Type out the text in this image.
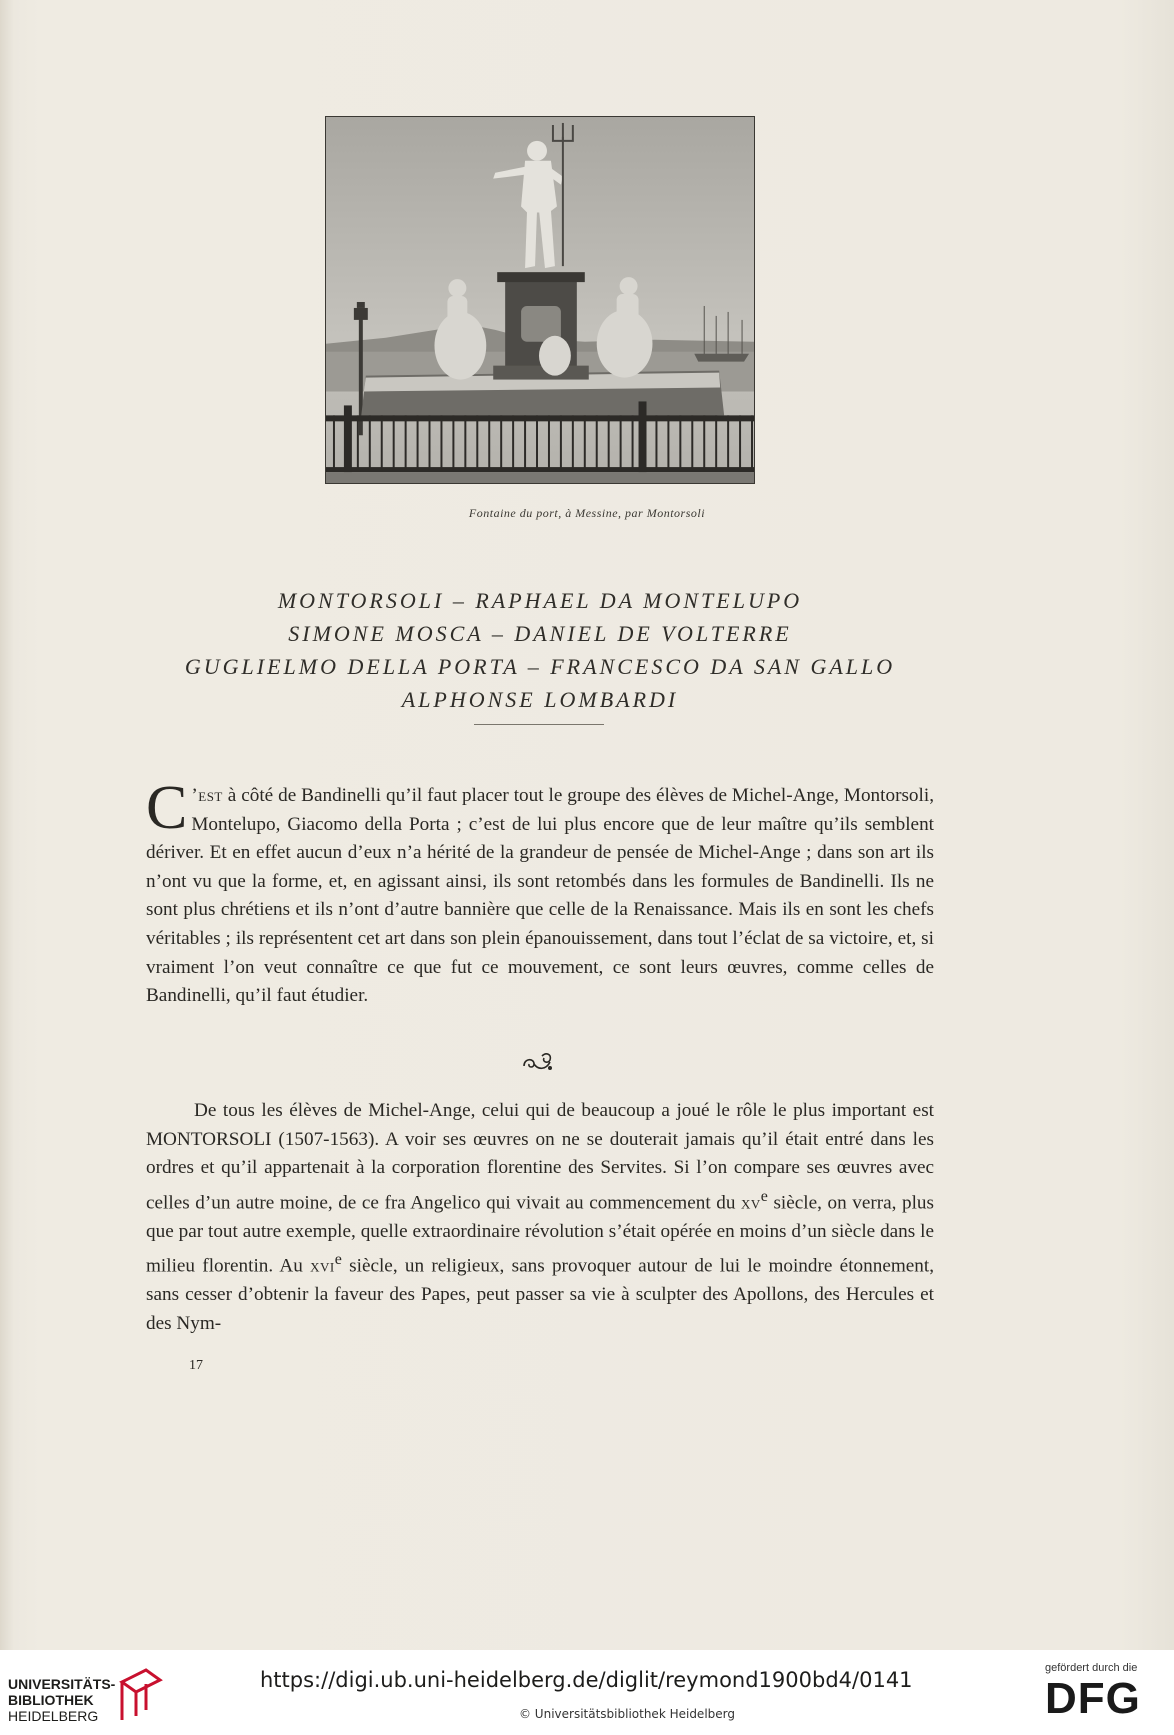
Fontaine du port, à Messine, par Montorsoli
MONTORSOLI – RAPHAEL DA MONTELUPO
SIMONE MOSCA – DANIEL DE VOLTERRE
GUGLIELMO DELLA PORTA – FRANCESCO DA SAN GALLO
ALPHONSE LOMBARDI

C ’est à côté de Bandinelli qu’il faut placer tout le groupe des élèves de Michel-Ange, Montorsoli, Montelupo, Giacomo della Porta ; c’est de lui plus encore que de leur maître qu’ils semblent dériver. Et en effet aucun d’eux n’a hérité de la grandeur de pensée de Michel-Ange ; dans son art ils n’ont vu que la forme, et, en agissant ainsi, ils sont retombés dans les formules de Bandinelli. Ils ne sont plus chrétiens et ils n’ont d’autre bannière que celle de la Renaissance. Mais ils en sont les chefs véritables ; ils représentent cet art dans son plein épanouissement, dans tout l’éclat de sa victoire, et, si vraiment l’on veut connaître ce que fut ce mouvement, ce sont leurs œuvres, comme celles de Bandinelli, qu’il faut étudier.

De tous les élèves de Michel-Ange, celui qui de beaucoup a joué le rôle le plus important est MONTORSOLI (1507-1563). A voir ses œuvres on ne se douterait jamais qu’il était entré dans les ordres et qu’il appartenait à la corporation florentine des Servites. Si l’on compare ses œuvres avec celles d’un autre moine, de ce fra Angelico qui vivait au commencement du $xv^e$ siècle, on verra, plus que par tout autre exemple, quelle extraordinaire révolution s’était opérée en moins d’un siècle dans le milieu florentin. Au xvi$^e$ siècle, un religieux, sans provoquer autour de lui le moindre étonnement, sans cesser d’obtenir la faveur des Papes, peut passer sa vie à sculpter des Apollons, des Hercules et des Nym-

17
UNIVERSITÄTS-
BIBLIOTHEK
HEIDELBERG
https://digi.ub.uni-heidelberg.de/diglit/reymond1900bd4/0141
© Universitätsbibliothek Heidelberg
gefördert durch die
DFG
